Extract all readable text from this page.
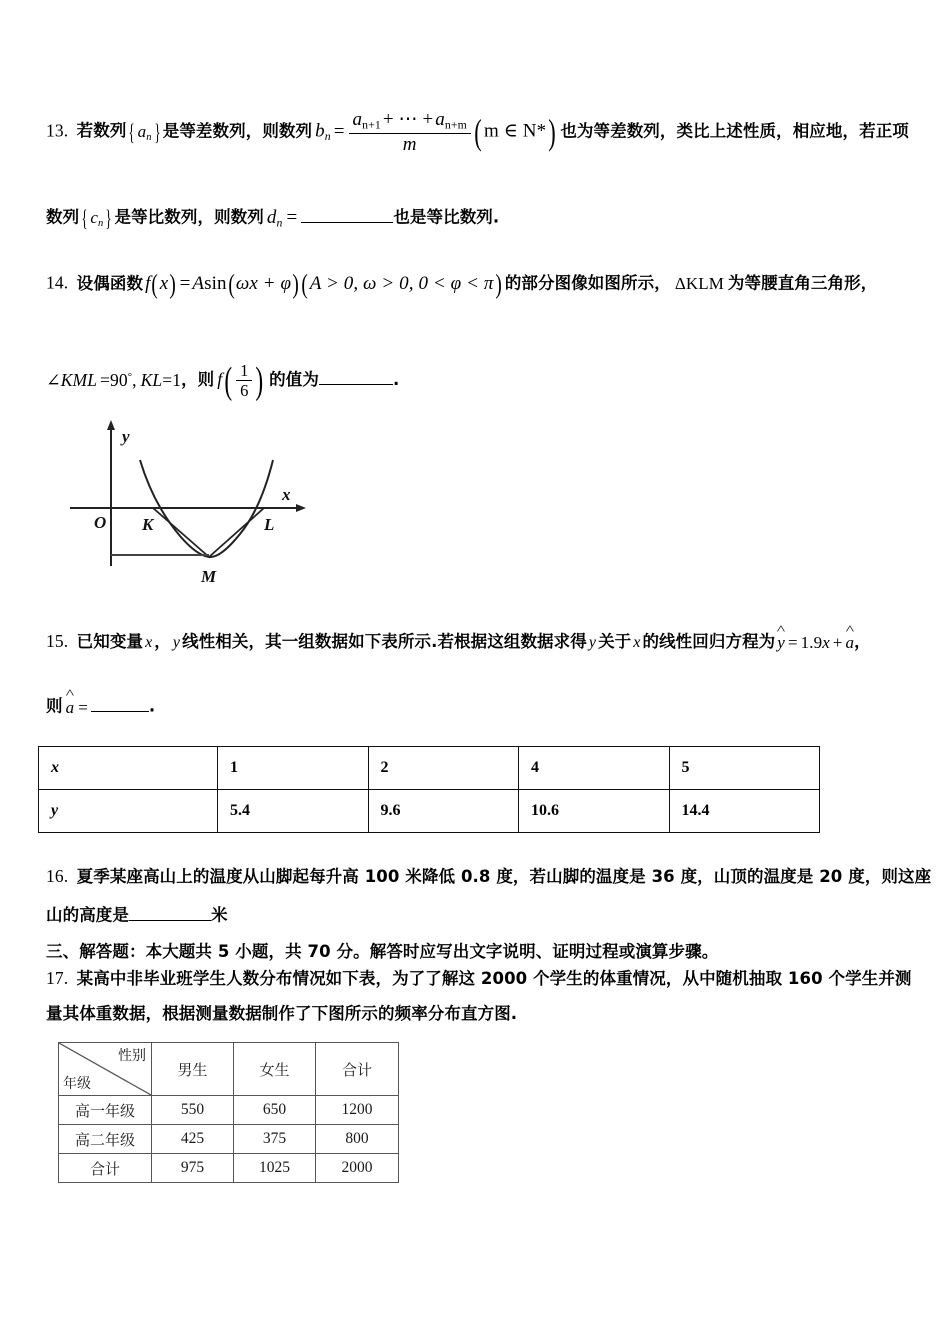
13. 若数列 { $a_n$ } 是等差数列，则数列 $b_n = \frac{a_{n+1} + \cdots + a_{n+m}}{m}$ ( m ∈ N*) 也为等差数列，类比上述性质，相应地，若正项
数列 { $c_n$ } 是等比数列，则数列 $d_n$ =	也是等比数列.
14. 设偶函数 f(x) = Asin(ωx + φ) (A > 0, ω > 0, 0 < φ < π) 的部分图像如图所示， ΔKLM 为等腰直角三角形，
∠KML =90°, KL=1，则 $f( \frac{1}{6}$ ) 的值为	.
y
x
O K	L
M
15. 已知变量 x ， y 线性相关，其一组数据如下表所示.若根据这组数据求得 y 关于 x 的线性回归方程为 ^ y = 1.9x + ^ a，
则 ^ a =	.
x	1	2	4	5
y	5.4	9.6	10.6	14.4
16. 夏季某座高山上的温度从山脚起每升高 100 米降低 0.8 度，若山脚的温度是 36 度，山顶的温度是 20 度，则这座
山的高度是	米
三、解答题：本大题共 5 小题，共 70 分。解答时应写出文字说明、证明过程或演算步骤。
17. 某高中非毕业班学生人数分布情况如下表，为了了解这 2000 个学生的体重情况，从中随机抽取 160 个学生并测
量其体重数据，根据测量数据制作了下图所示的频率分布直方图.
性别
年级	男生	女生	合计
高一年级	550	650	1200
高二年级	425	375	800
合计	975	1025	2000
